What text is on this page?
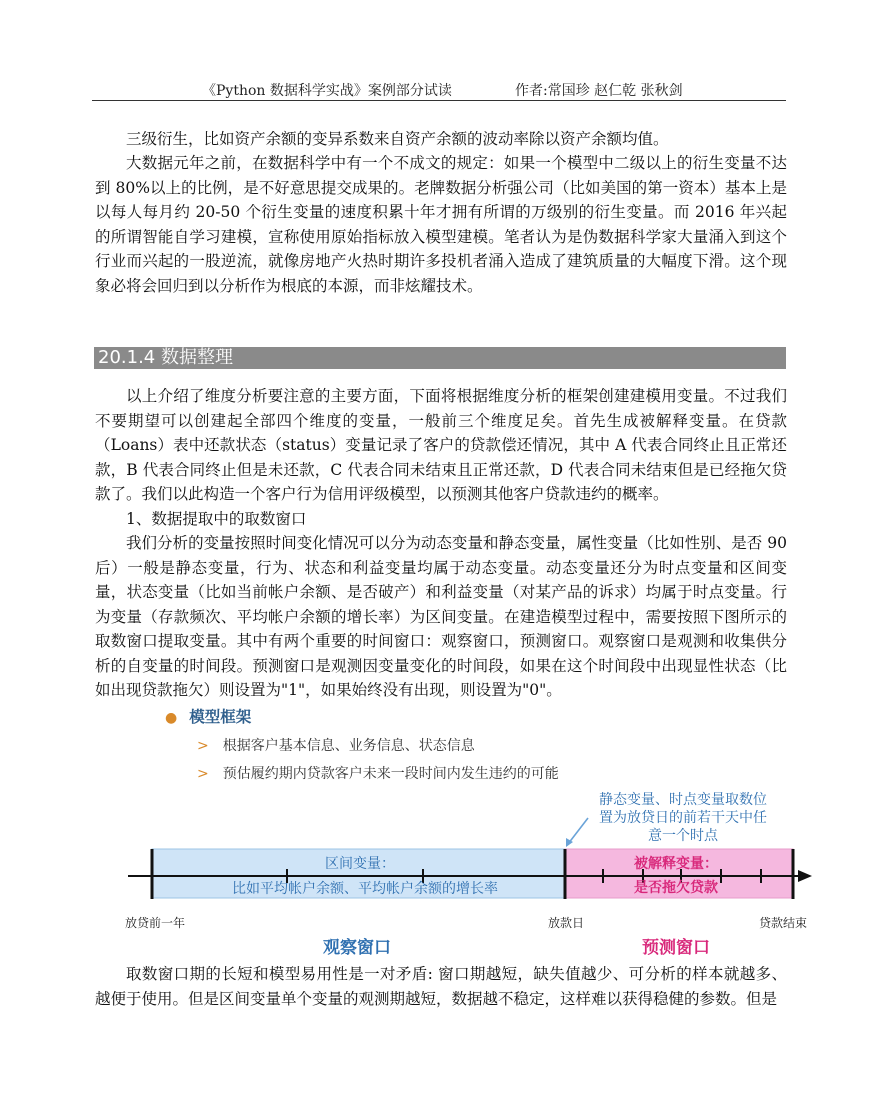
《Python 数据科学实战》案例部分试读	作者:常国珍 赵仁乾 张秋剑

三级衍生，比如资产余额的变异系数来自资产余额的波动率除以资产余额均值。

大数据元年之前，在数据科学中有一个不成文的规定：如果一个模型中二级以上的衍生变量不达到 80%以上的比例，是不好意思提交成果的。老牌数据分析强公司（比如美国的第一资本）基本上是以每人每月约 20-50 个衍生变量的速度积累十年才拥有所谓的万级别的衍生变量。而 2016 年兴起的所谓智能自学习建模，宣称使用原始指标放入模型建模。笔者认为是伪数据科学家大量涌入到这个行业而兴起的一股逆流，就像房地产火热时期许多投机者涌入造成了建筑质量的大幅度下滑。这个现象必将会回归到以分析作为根底的本源，而非炫耀技术。

20.1.4 数据整理

以上介绍了维度分析要注意的主要方面，下面将根据维度分析的框架创建建模用变量。不过我们不要期望可以创建起全部四个维度的变量，一般前三个维度足矣。首先生成被解释变量。在贷款（Loans）表中还款状态（status）变量记录了客户的贷款偿还情况，其中 A 代表合同终止且正常还款，B 代表合同终止但是未还款，C 代表合同未结束且正常还款，D 代表合同未结束但是已经拖欠贷款了。我们以此构造一个客户行为信用评级模型，以预测其他客户贷款违约的概率。

1、数据提取中的取数窗口

我们分析的变量按照时间变化情况可以分为动态变量和静态变量，属性变量（比如性别、是否 90 后）一般是静态变量，行为、状态和利益变量均属于动态变量。动态变量还分为时点变量和区间变量，状态变量（比如当前帐户余额、是否破产）和利益变量（对某产品的诉求）均属于时点变量。行为变量（存款频次、平均帐户余额的增长率）为区间变量。在建造模型过程中，需要按照下图所示的取数窗口提取变量。其中有两个重要的时间窗口：观察窗口，预测窗口。观察窗口是观测和收集供分析的自变量的时间段。预测窗口是观测因变量变化的时间段，如果在这个时间段中出现显性状态（比如出现贷款拖欠）则设置为"1"，如果始终没有出现，则设置为"0"。

● 模型框架
> 根据客户基本信息、业务信息、状态信息
> 预估履约期内贷款客户未来一段时间内发生违约的可能
静态变量、时点变量取数位
置为放贷日的前若干天中任
意一个时点
区间变量：
比如平均帐户余额、平均帐户余额的增长率
被解释变量：
是否拖欠贷款
放贷前一年	放款日	贷款结束
观察窗口	预测窗口

取数窗口期的长短和模型易用性是一对矛盾: 窗口期越短，缺失值越少、可分析的样本就越多、越便于使用。但是区间变量单个变量的观测期越短，数据越不稳定，这样难以获得稳健的参数。但是
